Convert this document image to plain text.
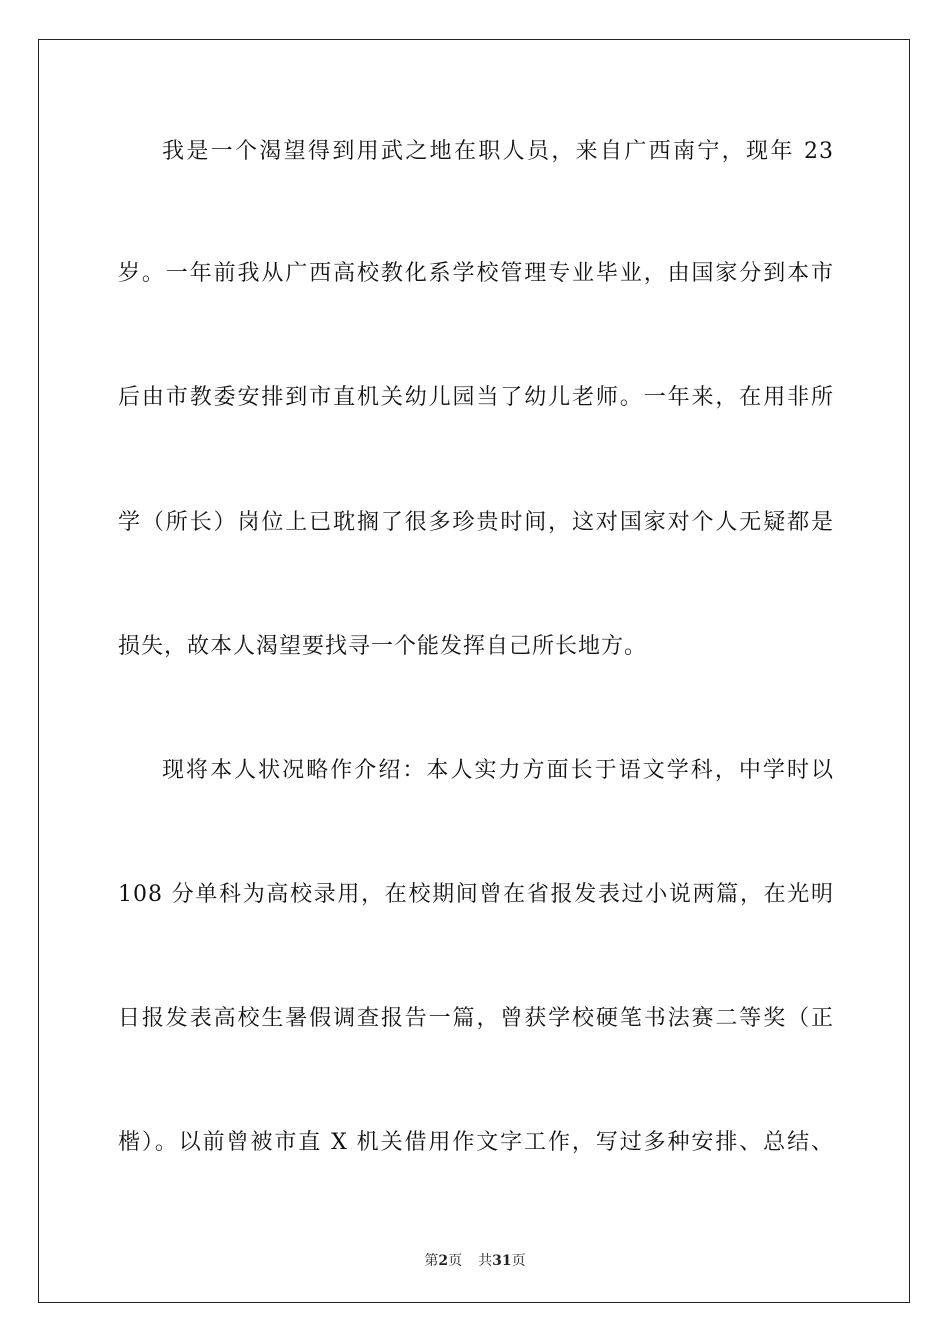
我是一个渴望得到用武之地在职人员，来自广西南宁，现年 23
岁。一年前我从广西高校教化系学校管理专业毕业，由国家分到本市
后由市教委安排到市直机关幼儿园当了幼儿老师。一年来，在用非所
学（所长）岗位上已耽搁了很多珍贵时间，这对国家对个人无疑都是
损失，故本人渴望要找寻一个能发挥自己所长地方。
现将本人状况略作介绍：本人实力方面长于语文学科，中学时以
108 分单科为高校录用，在校期间曾在省报发表过小说两篇，在光明
日报发表高校生暑假调查报告一篇，曾获学校硬笔书法赛二等奖（正
楷）。以前曾被市直 X 机关借用作文字工作，写过多种安排、总结、
第2页 共31页
